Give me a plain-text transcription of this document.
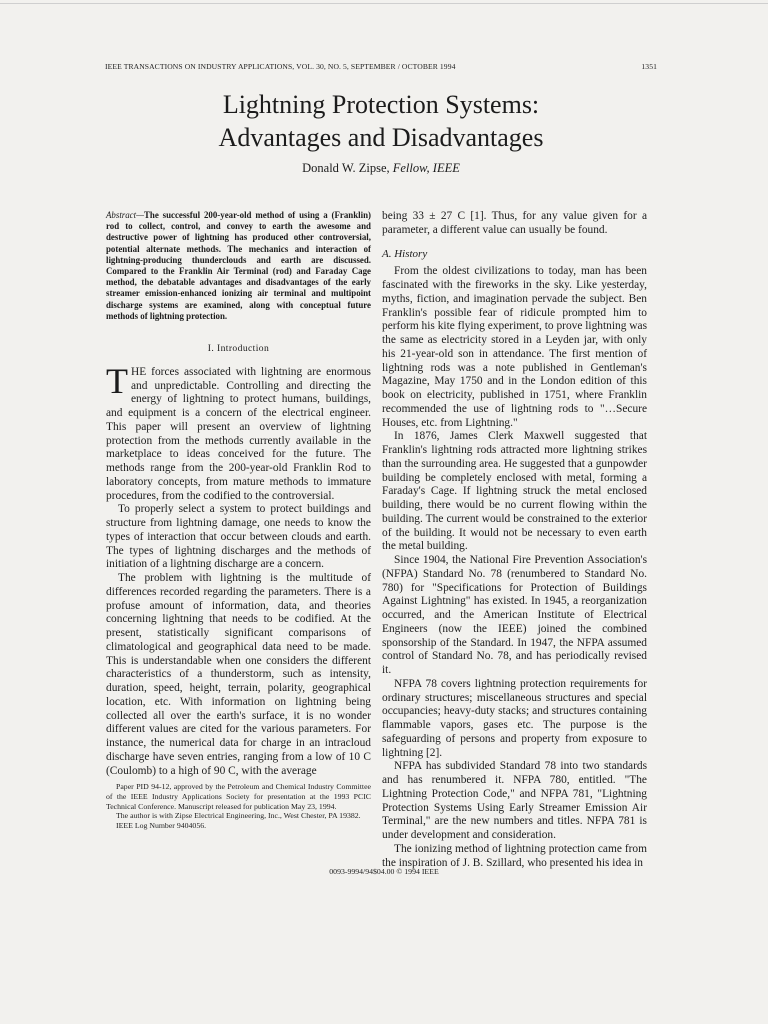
IEEE TRANSACTIONS ON INDUSTRY APPLICATIONS, VOL. 30, NO. 5, SEPTEMBER / OCTOBER 1994	1351
Lightning Protection Systems:
Advantages and Disadvantages
Donald W. Zipse, Fellow, IEEE
Abstract—The successful 200-year-old method of using a (Franklin) rod to collect, control, and convey to earth the awesome and destructive power of lightning has produced other controversial, potential alternate methods. The mechanics and interaction of lightning-producing thunderclouds and earth are discussed. Compared to the Franklin Air Terminal (rod) and Faraday Cage method, the debatable advantages and disadvantages of the early streamer emission-enhanced ionizing air terminal and multipoint discharge systems are examined, along with conceptual future methods of lightning protection.
I. Introduction

THE forces associated with lightning are enormous and unpredictable. Controlling and directing the energy of lightning to protect humans, buildings, and equipment is a concern of the electrical engineer. This paper will present an overview of lightning protection from the methods currently available in the marketplace to ideas conceived for the future. The methods range from the 200-year-old Franklin Rod to laboratory concepts, from mature methods to immature procedures, from the codified to the controversial.

To properly select a system to protect buildings and structure from lightning damage, one needs to know the types of interaction that occur between clouds and earth. The types of lightning discharges and the methods of initiation of a lightning discharge are a concern.

The problem with lightning is the multitude of differences recorded regarding the parameters. There is a profuse amount of information, data, and theories concerning lightning that needs to be codified. At the present, statistically significant comparisons of climatological and geographical data need to be made. This is understandable when one considers the different characteristics of a thunderstorm, such as intensity, duration, speed, height, terrain, polarity, geographical location, etc. With information on lightning being collected all over the earth's surface, it is no wonder different values are cited for the various parameters. For instance, the numerical data for charge in an intracloud discharge have seven entries, ranging from a low of 10 C (Coulomb) to a high of 90 C, with the average

Paper PID 94-12, approved by the Petroleum and Chemical Industry Committee of the IEEE Industry Applications Society for presentation at the 1993 PCIC Technical Conference. Manuscript released for publication May 23, 1994.

The author is with Zipse Electrical Engineering, Inc., West Chester, PA 19382.

IEEE Log Number 9404056.

being 33 ± 27 C [1]. Thus, for any value given for a parameter, a different value can usually be found.

A. History

From the oldest civilizations to today, man has been fascinated with the fireworks in the sky. Like yesterday, myths, fiction, and imagination pervade the subject. Ben Franklin's possible fear of ridicule prompted him to perform his kite flying experiment, to prove lightning was the same as electricity stored in a Leyden jar, with only his 21-year-old son in attendance. The first mention of lightning rods was a note published in Gentleman's Magazine, May 1750 and in the London edition of this book on electricity, published in 1751, where Franklin recommended the use of lightning rods to "…Secure Houses, etc. from Lightning."

In 1876, James Clerk Maxwell suggested that Franklin's lightning rods attracted more lightning strikes than the surrounding area. He suggested that a gunpowder building be completely enclosed with metal, forming a Faraday's Cage. If lightning struck the metal enclosed building, there would be no current flowing within the building. The current would be constrained to the exterior of the building. It would not be necessary to even earth the metal building.

Since 1904, the National Fire Prevention Association's (NFPA) Standard No. 78 (renumbered to Standard No. 780) for "Specifications for Protection of Buildings Against Lightning" has existed. In 1945, a reorganization occurred, and the American Institute of Electrical Engineers (now the IEEE) joined the combined sponsorship of the Standard. In 1947, the NFPA assumed control of Standard No. 78, and has periodically revised it.

NFPA 78 covers lightning protection requirements for ordinary structures; miscellaneous structures and special occupancies; heavy-duty stacks; and structures containing flammable vapors, gases etc. The purpose is the safeguarding of persons and property from exposure to lightning [2].

NFPA has subdivided Standard 78 into two standards and has renumbered it. NFPA 780, entitled. "The Lightning Protection Code," and NFPA 781, "Lightning Protection Systems Using Early Streamer Emission Air Terminal," are the new numbers and titles. NFPA 781 is under development and consideration.

The ionizing method of lightning protection came from the inspiration of J. B. Szillard, who presented his idea in

0093-9994/94$04.00 © 1994 IEEE
